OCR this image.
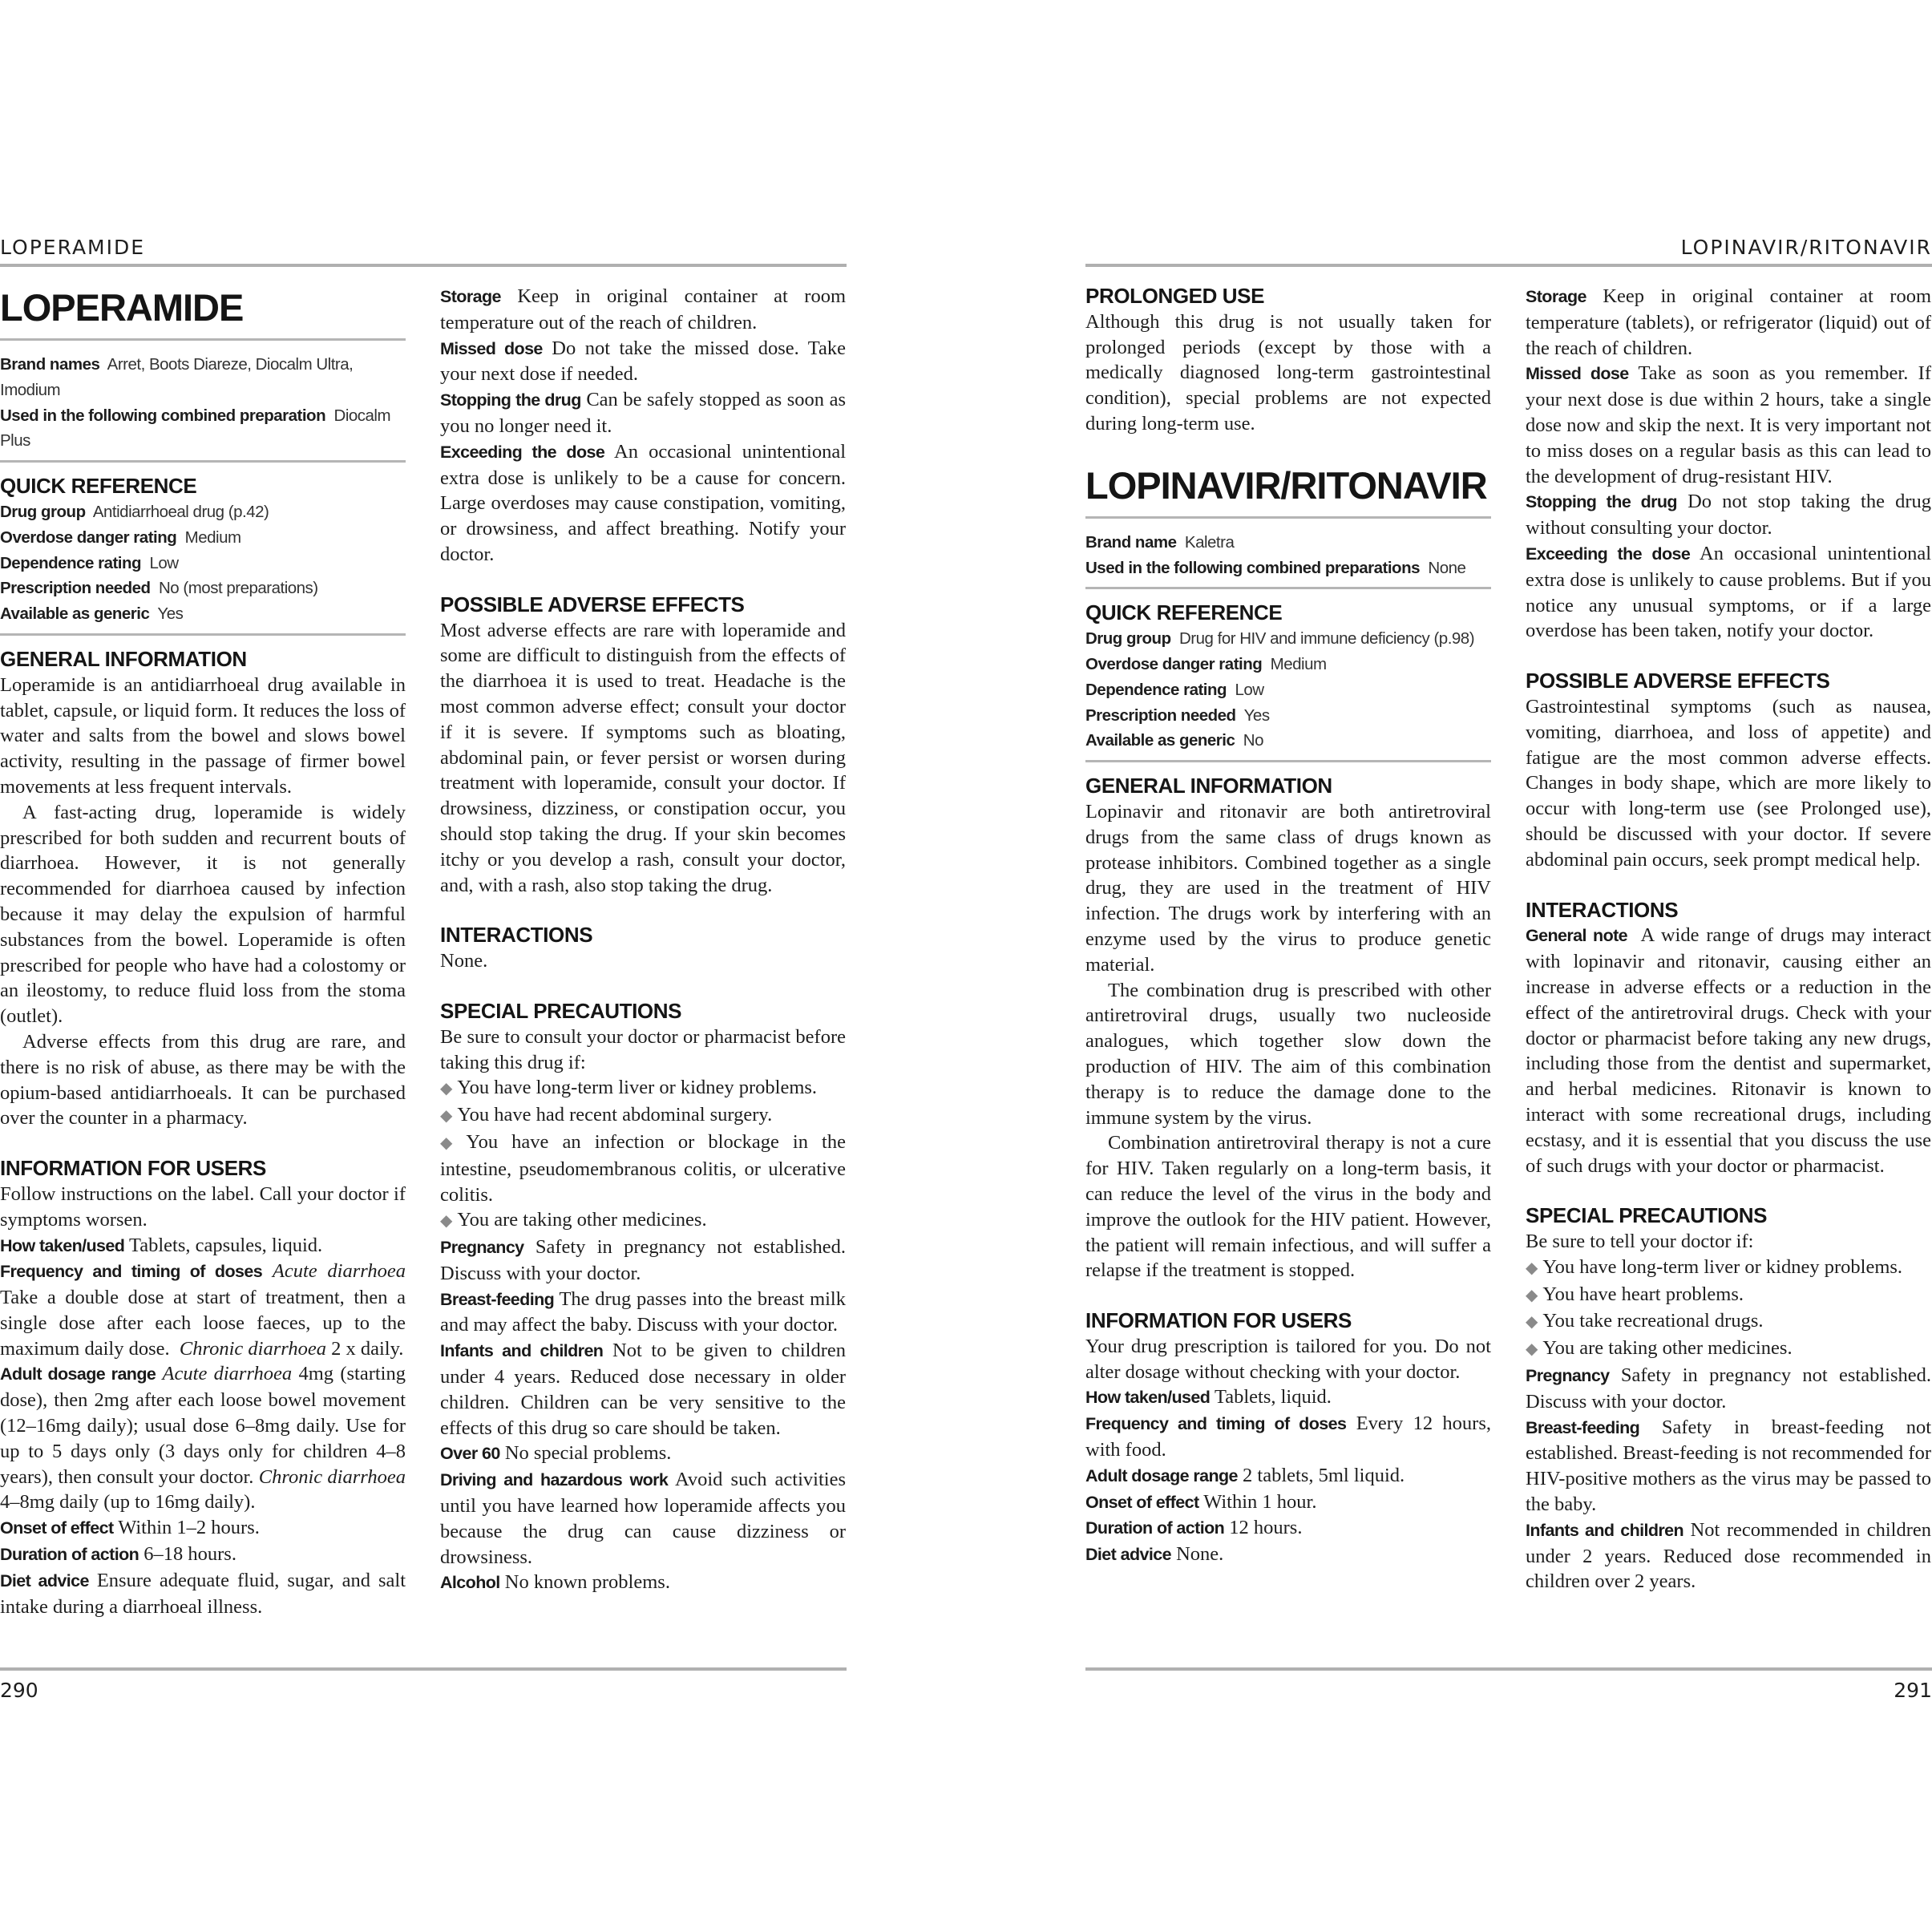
LOPERAMIDE
LOPERAMIDE

Brand names Arret, Boots Diareze, Diocalm Ultra, Imodium
Used in the following combined preparation Diocalm Plus

QUICK REFERENCE
Drug group Antidiarrhoeal drug (p.42)
Overdose danger rating Medium
Dependence rating Low
Prescription needed No (most preparations)
Available as generic Yes
GENERAL INFORMATION

Loperamide is an antidiarrhoeal drug available in tablet, capsule, or liquid form. It reduces the loss of water and salts from the bowel and slows bowel activity, resulting in the passage of firmer bowel movements at less frequent intervals.

A fast-acting drug, loperamide is widely prescribed for both sudden and recurrent bouts of diarrhoea. However, it is not generally recommended for diarrhoea caused by infection because it may delay the expulsion of harmful substances from the bowel. Loperamide is often prescribed for people who have had a colostomy or an ileostomy, to reduce fluid loss from the stoma (outlet).

Adverse effects from this drug are rare, and there is no risk of abuse, as there may be with the opium-based antidiarrhoeals. It can be purchased over the counter in a pharmacy.

INFORMATION FOR USERS

Follow instructions on the label. Call your doctor if symptoms worsen.

How taken/used Tablets, capsules, liquid.

Frequency and timing of doses Acute diarrhoea Take a double dose at start of treatment, then a single dose after each loose faeces, up to the maximum daily dose. Chronic diarrhoea 2 x daily.

Adult dosage range Acute diarrhoea 4mg (starting dose), then 2mg after each loose bowel movement (12–16mg daily); usual dose 6–8mg daily. Use for up to 5 days only (3 days only for children 4–8 years), then consult your doctor. Chronic diarrhoea 4–8mg daily (up to 16mg daily).

Onset of effect Within 1–2 hours.

Duration of action 6–18 hours.

Diet advice Ensure adequate fluid, sugar, and salt intake during a diarrhoeal illness.

Storage Keep in original container at room temperature out of the reach of children.

Missed dose Do not take the missed dose. Take your next dose if needed.

Stopping the drug Can be safely stopped as soon as you no longer need it.

Exceeding the dose An occasional unintentional extra dose is unlikely to be a cause for concern. Large overdoses may cause constipation, vomiting, or drowsiness, and affect breathing. Notify your doctor.

POSSIBLE ADVERSE EFFECTS

Most adverse effects are rare with loperamide and some are difficult to distinguish from the effects of the diarrhoea it is used to treat. Headache is the most common adverse effect; consult your doctor if it is severe. If symptoms such as bloating, abdominal pain, or fever persist or worsen during treatment with loperamide, consult your doctor. If drowsiness, dizziness, or constipation occur, you should stop taking the drug. If your skin becomes itchy or you develop a rash, consult your doctor, and, with a rash, also stop taking the drug.

INTERACTIONS

None.

SPECIAL PRECAUTIONS

Be sure to consult your doctor or pharmacist before taking this drug if:

◆ You have long-term liver or kidney problems.

◆ You have had recent abdominal surgery.

◆ You have an infection or blockage in the intestine, pseudomembranous colitis, or ulcerative colitis.

◆ You are taking other medicines.

Pregnancy Safety in pregnancy not established. Discuss with your doctor.

Breast-feeding The drug passes into the breast milk and may affect the baby. Discuss with your doctor.

Infants and children Not to be given to children under 4 years. Reduced dose necessary in older children. Children can be very sensitive to the effects of this drug so care should be taken.

Over 60 No special problems.

Driving and hazardous work Avoid such activities until you have learned how loperamide affects you because the drug can cause dizziness or drowsiness.

Alcohol No known problems.

290
LOPINAVIR/RITONAVIR
PROLONGED USE

Although this drug is not usually taken for prolonged periods (except by those with a medically diagnosed long-term gastrointestinal condition), special problems are not expected during long-term use.

LOPINAVIR/RITONAVIR

Brand name Kaletra
Used in the following combined preparations None

QUICK REFERENCE
Drug group Drug for HIV and immune deficiency (p.98)
Overdose danger rating Medium
Dependence rating Low
Prescription needed Yes
Available as generic No
GENERAL INFORMATION

Lopinavir and ritonavir are both antiretroviral drugs from the same class of drugs known as protease inhibitors. Combined together as a single drug, they are used in the treatment of HIV infection. The drugs work by interfering with an enzyme used by the virus to produce genetic material.

The combination drug is prescribed with other antiretroviral drugs, usually two nucleoside analogues, which together slow down the production of HIV. The aim of this combination therapy is to reduce the damage done to the immune system by the virus.

Combination antiretroviral therapy is not a cure for HIV. Taken regularly on a long-term basis, it can reduce the level of the virus in the body and improve the outlook for the HIV patient. However, the patient will remain infectious, and will suffer a relapse if the treatment is stopped.

INFORMATION FOR USERS

Your drug prescription is tailored for you. Do not alter dosage without checking with your doctor.

How taken/used Tablets, liquid.

Frequency and timing of doses Every 12 hours, with food.

Adult dosage range 2 tablets, 5ml liquid.

Onset of effect Within 1 hour.

Duration of action 12 hours.

Diet advice None.

Storage Keep in original container at room temperature (tablets), or refrigerator (liquid) out of the reach of children.

Missed dose Take as soon as you remember. If your next dose is due within 2 hours, take a single dose now and skip the next. It is very important not to miss doses on a regular basis as this can lead to the development of drug-resistant HIV.

Stopping the drug Do not stop taking the drug without consulting your doctor.

Exceeding the dose An occasional unintentional extra dose is unlikely to cause problems. But if you notice any unusual symptoms, or if a large overdose has been taken, notify your doctor.

POSSIBLE ADVERSE EFFECTS

Gastrointestinal symptoms (such as nausea, vomiting, diarrhoea, and loss of appetite) and fatigue are the most common adverse effects. Changes in body shape, which are more likely to occur with long-term use (see Prolonged use), should be discussed with your doctor. If severe abdominal pain occurs, seek prompt medical help.

INTERACTIONS

General note A wide range of drugs may interact with lopinavir and ritonavir, causing either an increase in adverse effects or a reduction in the effect of the antiretroviral drugs. Check with your doctor or pharmacist before taking any new drugs, including those from the dentist and supermarket, and herbal medicines. Ritonavir is known to interact with some recreational drugs, including ecstasy, and it is essential that you discuss the use of such drugs with your doctor or pharmacist.

SPECIAL PRECAUTIONS

Be sure to tell your doctor if:

◆ You have long-term liver or kidney problems.

◆ You have heart problems.

◆ You take recreational drugs.

◆ You are taking other medicines.

Pregnancy Safety in pregnancy not established. Discuss with your doctor.

Breast-feeding Safety in breast-feeding not established. Breast-feeding is not recommended for HIV-positive mothers as the virus may be passed to the baby.

Infants and children Not recommended in children under 2 years. Reduced dose recommended in children over 2 years.

291
